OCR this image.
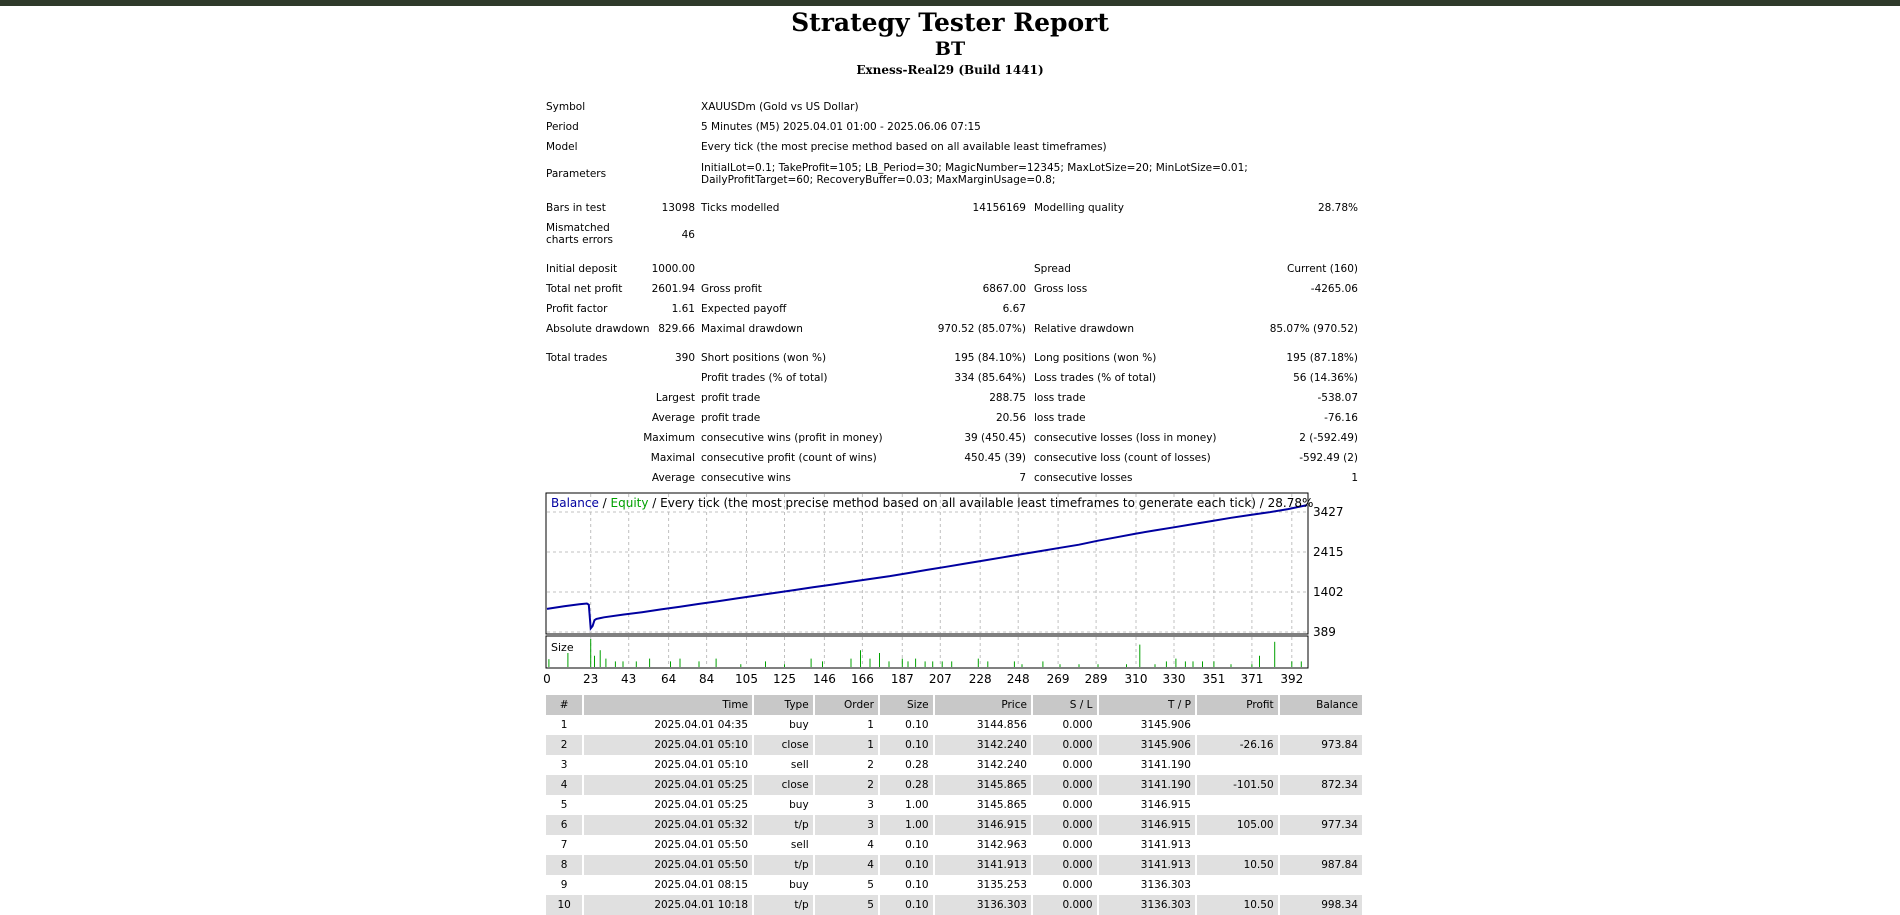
Strategy Tester Report
BT
Exness-Real29 (Build 1441)
Symbol	XAUUSDm (Gold vs US Dollar)
Period	5 Minutes (M5) 2025.04.01 01:00 - 2025.06.06 07:15
Model	Every tick (the most precise method based on all available least timeframes)
Parameters	InitialLot=0.1; TakeProfit=105; LB_Period=30; MagicNumber=12345; MaxLotSize=20; MinLotSize=0.01; DailyProfitTarget=60; RecoveryBuffer=0.03; MaxMarginUsage=0.8;
Bars in test	13098 Ticks modelled	14156169 Modelling quality	28.78%
Mismatched charts errors	46
Initial deposit	1000.00	Spread	Current (160)
Total net profit	2601.94 Gross profit	6867.00 Gross loss	-4265.06
Profit factor	1.61 Expected payoff	6.67
Absolute drawdown 829.66 Maximal drawdown	970.52 (85.07%) Relative drawdown	85.07% (970.52)
Total trades	390 Short positions (won %)	195 (84.10%) Long positions (won %)	195 (87.18%)
Profit trades (% of total)	334 (85.64%) Loss trades (% of total)	56 (14.36%)
Largest profit trade	288.75 loss trade	-538.07
Average profit trade	20.56 loss trade	-76.16
Maximum consecutive wins (profit in money)	39 (450.45) consecutive losses (loss in money)	2 (-592.49)
Maximal consecutive profit (count of wins)	450.45 (39) consecutive loss (count of losses)	-592.49 (2)
Average consecutive wins	7 consecutive losses	1
Balance / Equity / Every tick (the most precise method based on all available least timeframes to generate each tick) / 28.78%
Size
3427
2415
1402
389
0	23 43 64 84 105 125 146 166 187 207 228 248 269 289 310 330 351 371 392
#	Time	Type	Order	Size	Price	S / L	T / P	Profit	Balance
1	2025.04.01 04:35	buy	1	0.10	3144.856	0.000	3145.906		
2	2025.04.01 05:10	close	1	0.10	3142.240	0.000	3145.906	-26.16	973.84
3	2025.04.01 05:10	sell	2	0.28	3142.240	0.000	3141.190		
4	2025.04.01 05:25	close	2	0.28	3145.865	0.000	3141.190	-101.50	872.34
5	2025.04.01 05:25	buy	3	1.00	3145.865	0.000	3146.915		
6	2025.04.01 05:32	t/p	3	1.00	3146.915	0.000	3146.915	105.00	977.34
7	2025.04.01 05:50	sell	4	0.10	3142.963	0.000	3141.913		
8	2025.04.01 05:50	t/p	4	0.10	3141.913	0.000	3141.913	10.50	987.84
9	2025.04.01 08:15	buy	5	0.10	3135.253	0.000	3136.303		
10	2025.04.01 10:18	t/p	5	0.10	3136.303	0.000	3136.303	10.50	998.34
